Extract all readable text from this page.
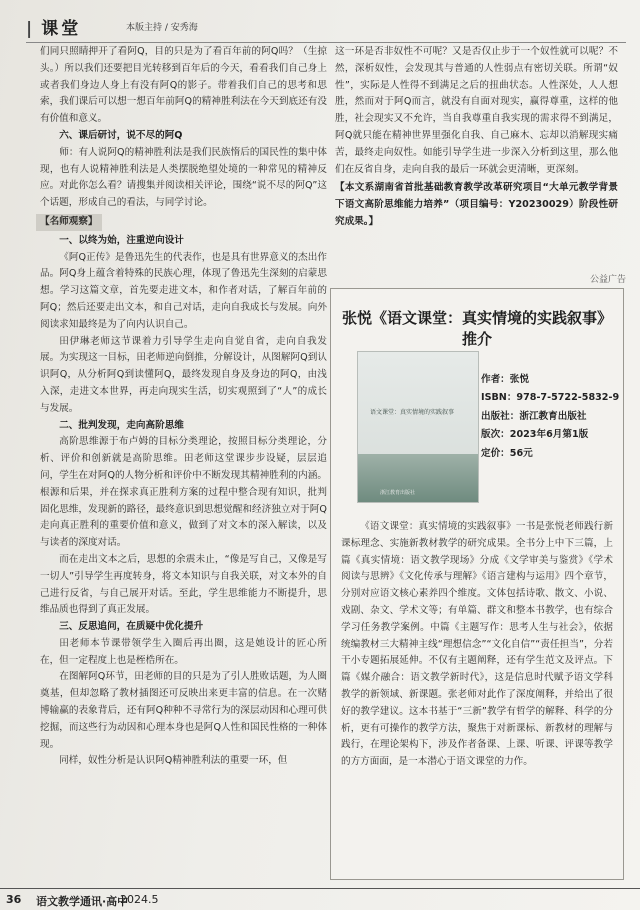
| 课堂	本版主持 / 安秀海

们同只照睛押开了看阿Q，目的只是为了看百年前的阿Q吗？（生掠头。）所以我们还要把目光转移到百年后的今天，看看我们自己身上或者我们身边人身上有没有阿Q的影子。带着我们自己的思考和思索，我们课后可以想一想百年前阿Q的精神胜利法在今天到底还有没有价值和意义。

六、课后研讨，说不尽的阿Q

师：有人说阿Q的精神胜利法是我们民族惰后的国民性的集中体现，也有人说精神胜利法是人类摆脱绝望处境的一种常见的精神反应。对此你怎么看？请搜集并阅读相关评论，围绕“说不尽的阿Q”这个话题，形成自己的看法，与同学讨论。

【名师观察】

一、以终为始，注重逆向设计

《阿Q正传》是鲁迅先生的代表作，也是具有世界意义的杰出作品。阿Q身上蕴含着特殊的民族心理，体现了鲁迅先生深刻的启蒙思想。学习这篇文章，首先要走进文本，和作者对话，了解百年前的阿Q；然后还要走出文本，和自己对话，走向自我成长与发展。向外阅读求知最终是为了向内认识自己。

田伊琳老师这节课着力引导学生走向自觉自省，走向自我发展。为实现这一目标，田老师逆向倒推，分解设计，从图解阿Q到认识阿Q，从分析阿Q到读懂阿Q，最终发现自身及身边的阿Q，由浅入深，走进文本世界，再走向现实生活，切实观照到了“人”的成长与发展。

二、批判发现，走向高阶思维

高阶思维源于布卢姆的目标分类理论，按照目标分类理论，分析、评价和创新就是高阶思维。田老师这堂课步步设疑，层层追问，学生在对阿Q的人物分析和评价中不断发现其精神胜利的内涵。根源和后果，并在探求真正胜利方案的过程中整合现有知识，批判固化思维，发现新的路径，最终意识到思想觉醒和经济独立对于阿Q走向真正胜利的重要价值和意义，做到了对文本的深入解读，以及与读者的深度对话。

而在走出文本之后，思想的余震未止，“像是写自己，又像是写一切人”引导学生再度转身，将文本知识与自我关联，对文本外的自己进行反省，与自己展开对话。至此，学生思维能力不断提升，思维品质也得到了真正发展。

三、反思追问，在质疑中优化提升

田老师本节课带领学生入圈后再出圈，这是她设计的匠心所在，但一定程度上也是桎梏所在。

在图解阿Q环节，田老师的目的只是为了引人胜败话题，为人圈奠基，但却忽略了教材插图还可反映出来更丰富的信息。在一次赌博输赢的表象背后，还有阿Q种种不寻常行为的深层动因和心理可供挖掘，而这些行为动因和心理本身也是阿Q人性和国民性格的一种体现。

同样，奴性分析是认识阿Q精神胜利法的重要一环，但

这一环是否非奴性不可呢？又是否仅止步于一个奴性就可以呢？不然，深析奴性，会发现其与普通的人性弱点有密切关联。所谓“奴性”，实际是人性得不到满足之后的扭曲状态。人性深处，人人想胜，然而对于阿Q而言，就没有自面对现实，赢得尊重，这样的他胜，社会现实又不允许，当自我尊重自我实现的需求得不到满足，阿Q就只能在精神世界里强化自我、自己麻木、忘却以消解现实痛苦，最终走向奴性。如能引导学生进一步深入分析到这里，那么他们在反省自身，走向自我的最后一环就会更清晰，更深刻。

【本文系湖南省首批基础教育教学改革研究项目“大单元教学背景下语文高阶思维能力培养”（项目编号：Y20230029）阶段性研究成果。】

公益广告
张悦《语文课堂：真实情境的实践叙事》推介
语文课堂：真实情境的实践叙事
浙江教育出版社
作者：张悦
ISBN：978-7-5722-5832-9
出版社：浙江教育出版社
版次：2023年6月第1版
定价：56元

《语文课堂：真实情境的实践叙事》一书是张悦老师践行新课标理念、实施新教材教学的研究成果。全书分上中下三篇，上篇《真实情境：语文教学现场》分成《文学审美与鉴赏》《学术阅读与思辨》《文化传承与理解》《语言建构与运用》四个章节，分别对应语文核心素养四个维度。文体包括诗歌、散文、小说、戏剧、杂文、学术文等；有单篇、群文和整本书教学，也有综合学习任务教学案例。中篇《主题写作：思考人生与社会》，依据统编教材三大精神主线“理想信念”“文化自信”“责任担当”，分若干小专题拓展延伸。不仅有主题阐释，还有学生范文及评点。下篇《媒介融合：语文教学新时代》，这是信息时代赋予语文学科教学的新领域、新课题。张老师对此作了深度阐释，并给出了很好的教学建议。这本书基于“三新”教学有哲学的解释、科学的分析，更有可操作的教学方法，聚焦于对新课标、新教材的理解与践行，在理论架构下，涉及作者备课、上课、听课、评课等教学的方方面面，是一本潜心于语文课堂的力作。

36 语文教学通讯·高中
2024.5
